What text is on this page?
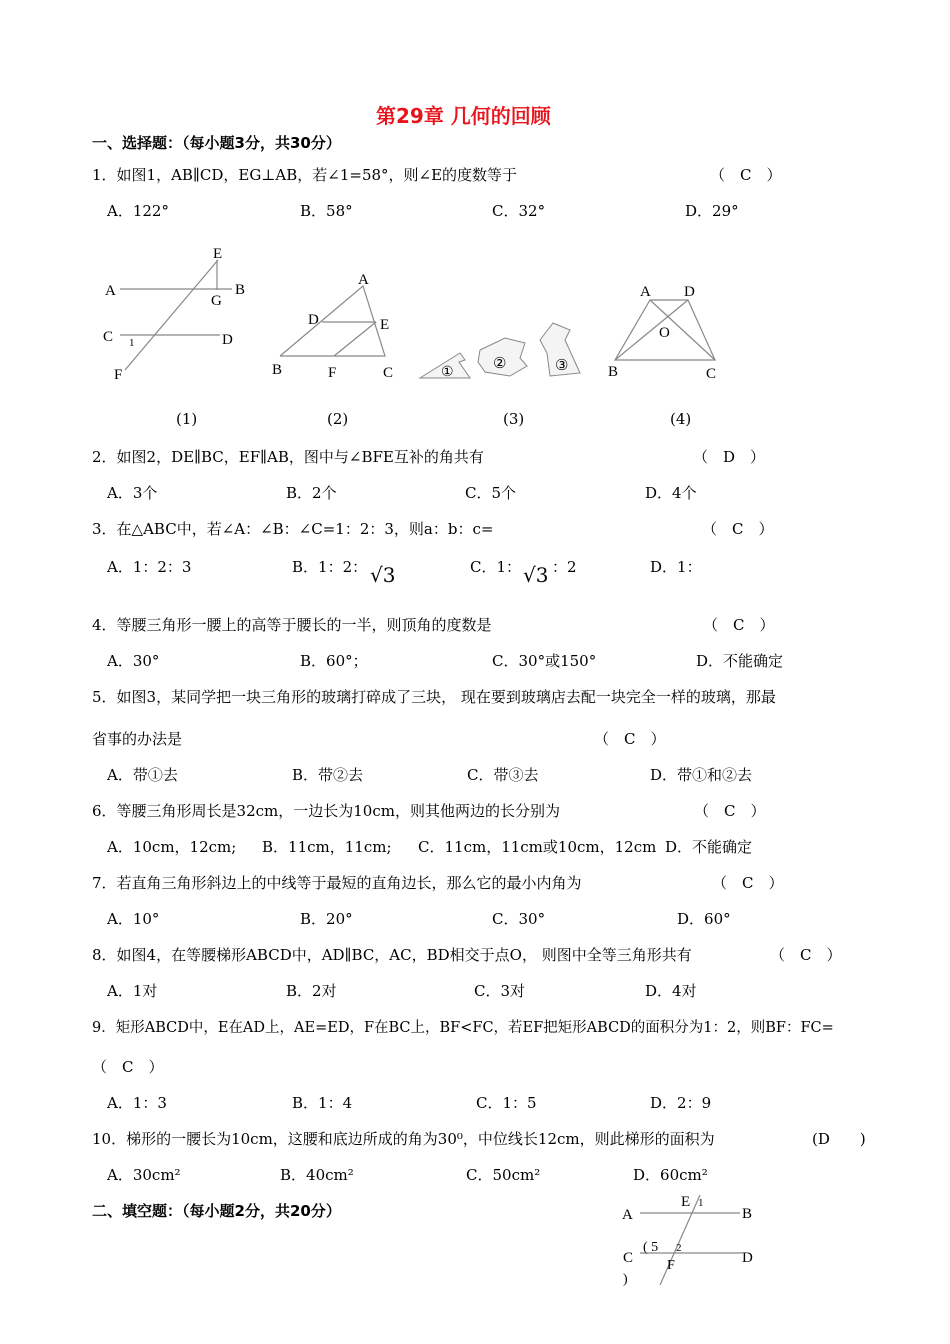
第29章 几何的回顾
一、选择题：（每小题3分，共30分）
1．如图1，AB∥CD，EG⊥AB，若∠1=58°，则∠E的度数等于	（　C　）
A．122°	B．58°	C．32°	D．29°
E
A	B
G
C	D
1
F
A
D	E
B	F	C	①
②	③
A D
O
B	C
(1)	(2)	(3)	(4)
2．如图2，DE∥BC，EF∥AB，图中与∠BFE互补的角共有	（　D　）
A．3个	B．2个	C．5个	D．4个
3．在△ABC中，若∠A：∠B：∠C=1：2：3，则a：b：c=	（　C　）
A．1：2：3	B．1：2： √3	C．1： √3 ：2	D．1：
4．等腰三角形一腰上的高等于腰长的一半，则顶角的度数是	（　C　）
A．30°	B．60°；	C．30°或150°	D．不能确定
5．如图3，某同学把一块三角形的玻璃打碎成了三块， 现在要到玻璃店去配一块完全一样的玻璃，那最
省事的办法是	（　C　）
A．带①去	B．带②去	C．带③去	D．带①和②去
6．等腰三角形周长是32cm，一边长为10cm，则其他两边的长分别为	（　C　）
A．10cm，12cm; B．11cm，11cm; C．11cm，11cm或10cm，12cm D．不能确定
7．若直角三角形斜边上的中线等于最短的直角边长，那么它的最小内角为	（　C　）
A．10°	B．20°	C．30°	D．60°
8．如图4，在等腰梯形ABCD中，AD∥BC，AC，BD相交于点O， 则图中全等三角形共有	（　C　）
A．1对	B．2对	C．3对	D．4对
9．矩形ABCD中，E在AD上，AE=ED，F在BC上，BF<FC，若EF把矩形ABCD的面积分为1：2，则BF：FC=
（　C　）
A．1：3	B．1：4	C．1：5	D．2：9
10．梯形的一腰长为10cm，这腰和底边所成的角为30⁰，中位线长12cm，则此梯形的面积为	(D　　)
A．30cm²	B．40cm²	C．50cm²	D．60cm²
二、填空题：（每小题2分，共20分）	A
E 1
B
C
( 5 2
F	D
)
